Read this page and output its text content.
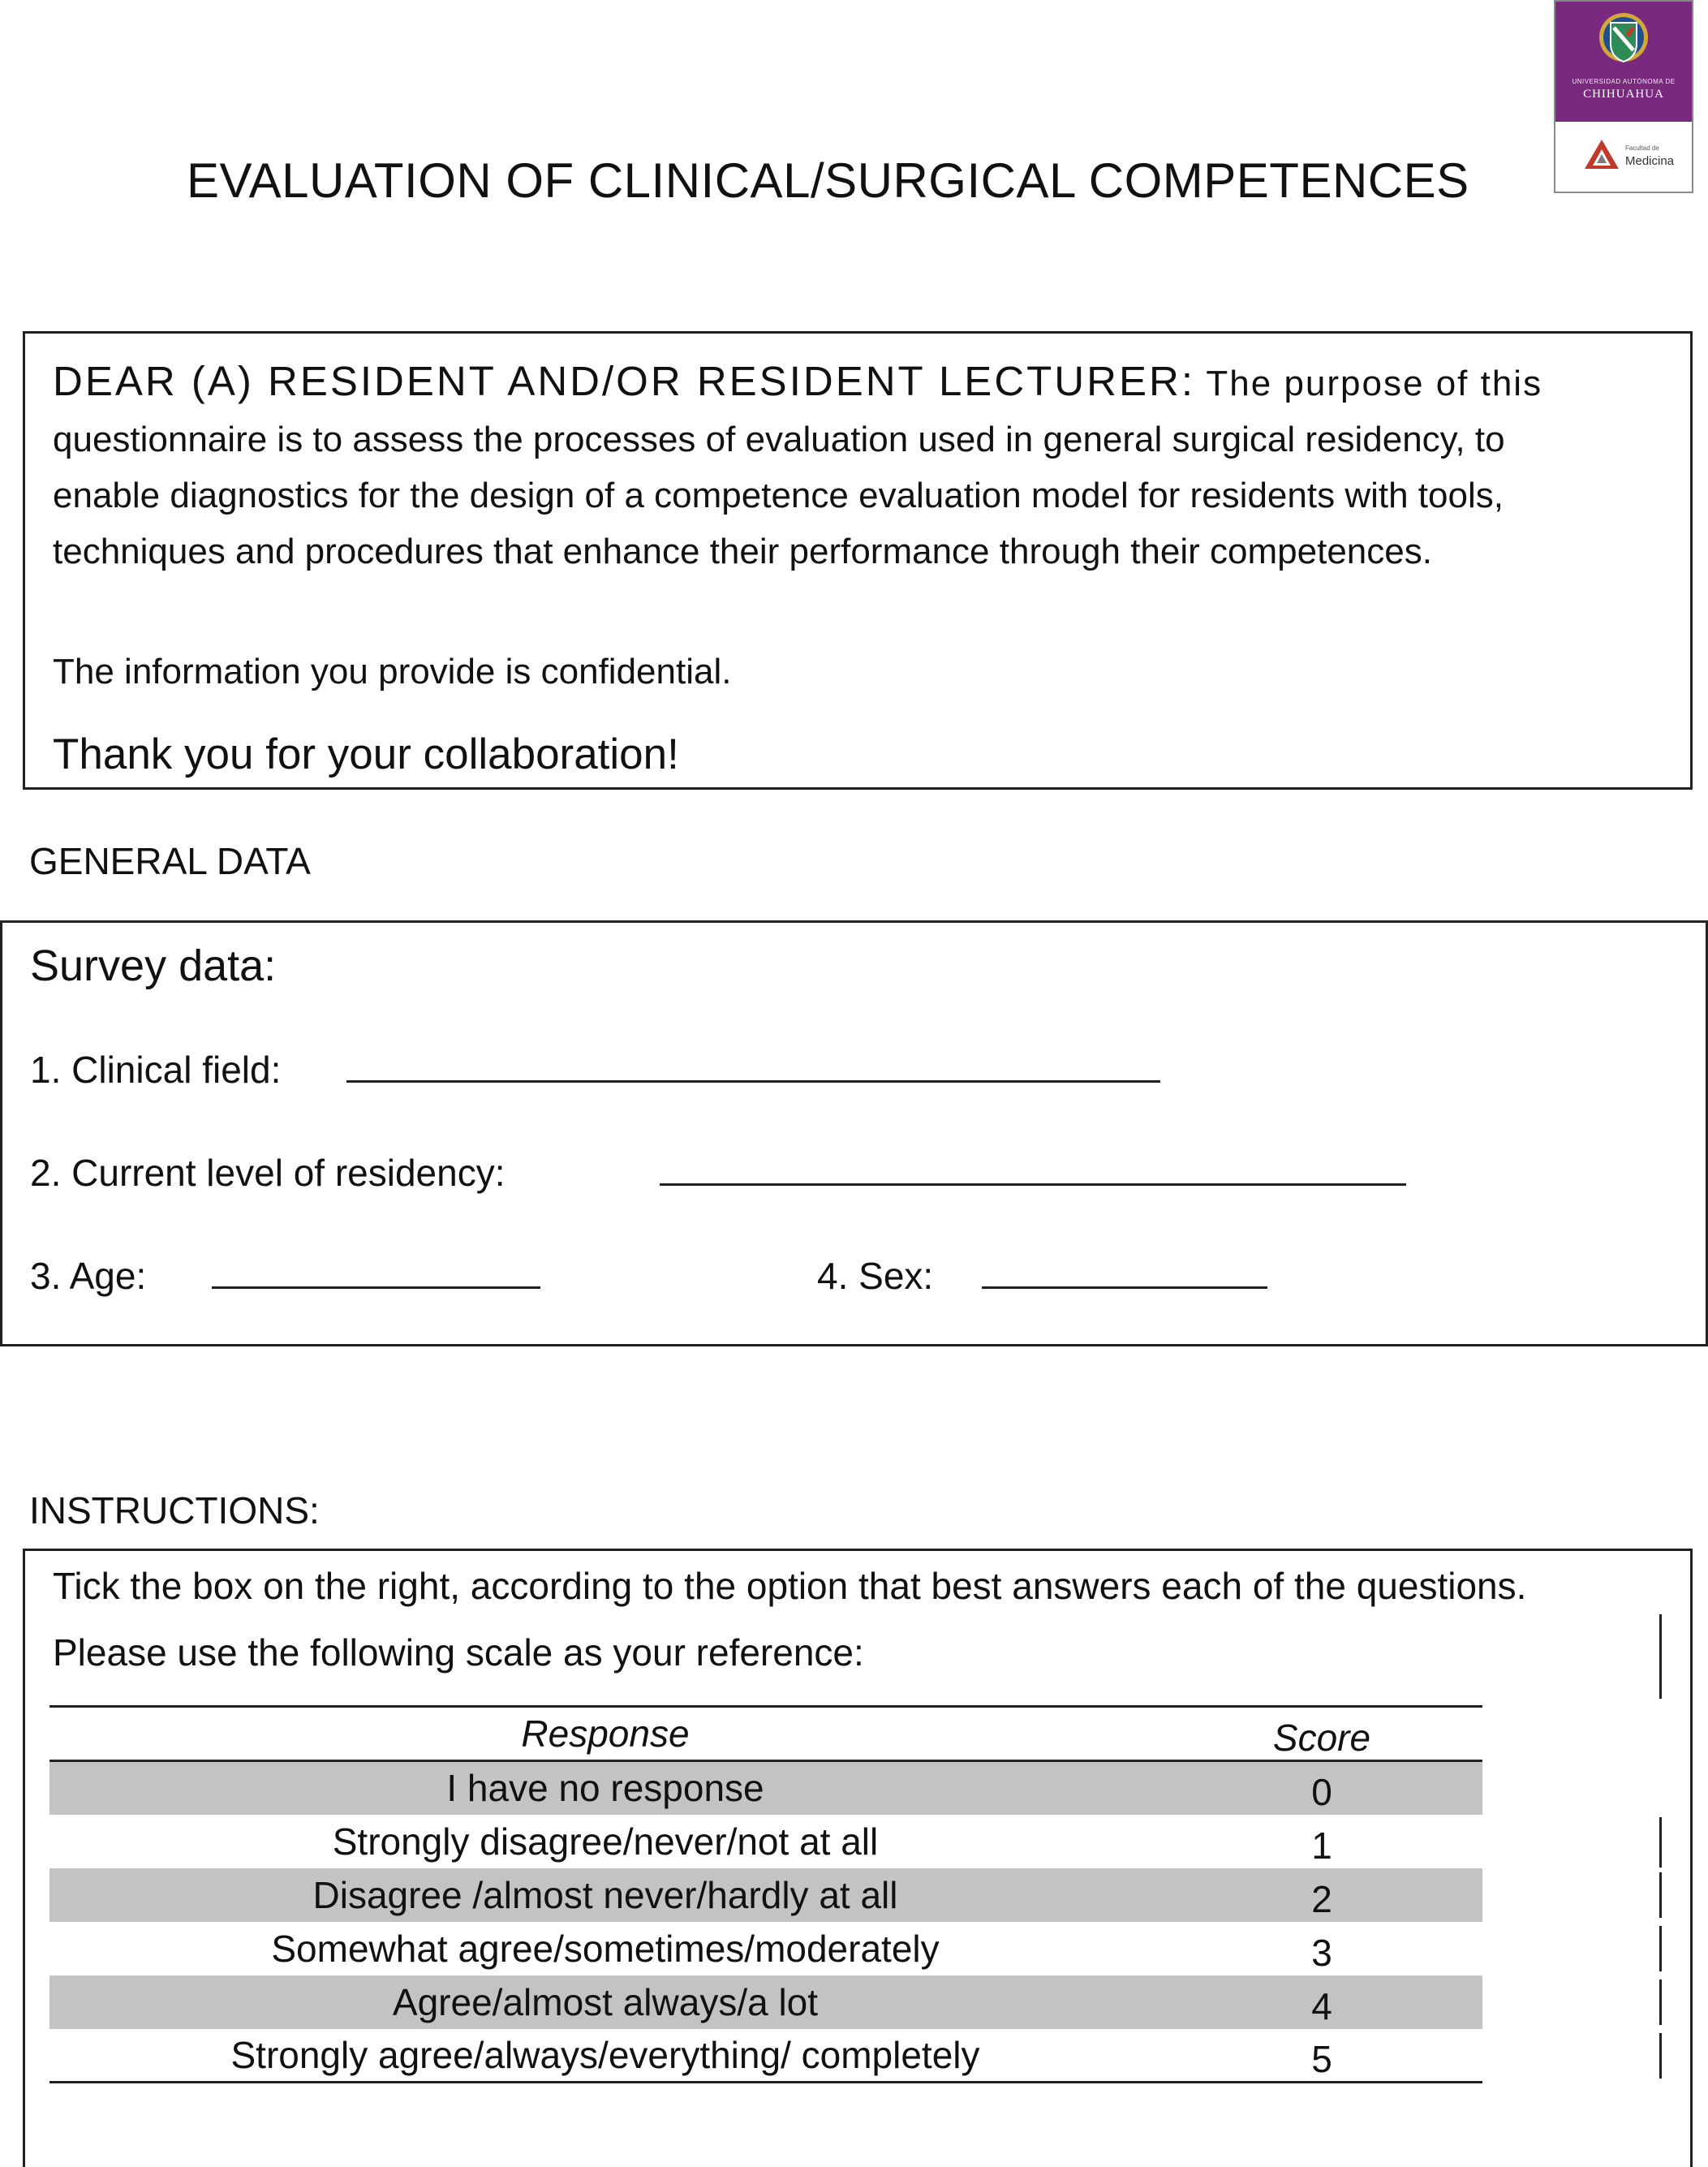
UNIVERSIDAD AUTÓNOMA DE
CHIHUAHUA
Facultad de
Medicina
EVALUATION OF CLINICAL/SURGICAL COMPETENCES
DEAR (A) RESIDENT AND/OR RESIDENT LECTURER: The purpose of this
questionnaire is to assess the processes of evaluation used in general surgical residency, to
enable diagnostics for the design of a competence evaluation model for residents with tools,
techniques and procedures that enhance their performance through their competences.
The information you provide is confidential.
Thank you for your collaboration!
GENERAL DATA
Survey data:
1. Clinical field:
2. Current level of residency:
3. Age:	4. Sex:
INSTRUCTIONS:
Tick the box on the right, according to the option that best answers each of the questions.
Please use the following scale as your reference:
Response	Score
I have no response	0
Strongly disagree/never/not at all	1
Disagree /almost never/hardly at all	2
Somewhat agree/sometimes/moderately	3
Agree/almost always/a lot	4
Strongly agree/always/everything/ completely	5
